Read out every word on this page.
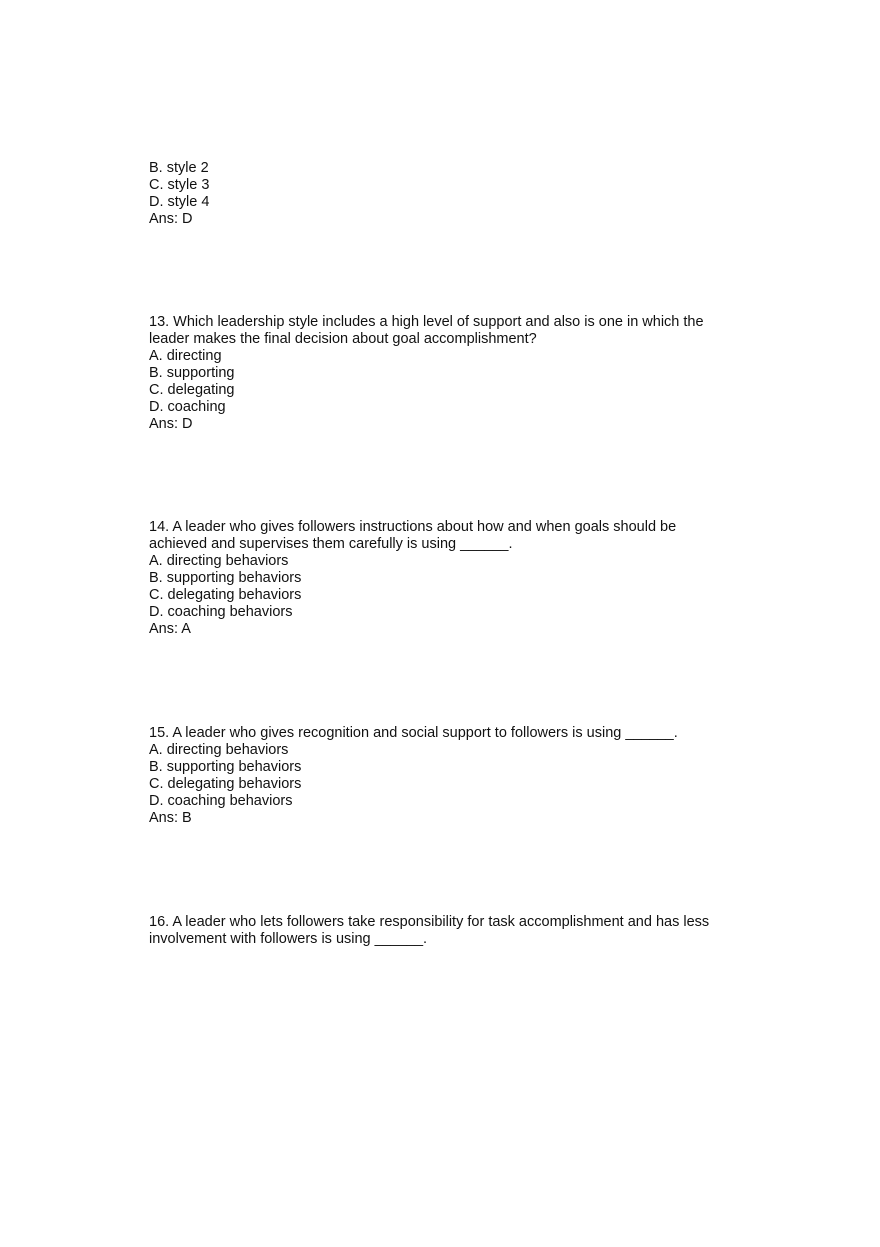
B. style 2
C. style 3
D. style 4
Ans: D
13. Which leadership style includes a high level of support and also is one in which the
leader makes the final decision about goal accomplishment?
A. directing
B. supporting
C. delegating
D. coaching
Ans: D
14. A leader who gives followers instructions about how and when goals should be
achieved and supervises them carefully is using ______.
A. directing behaviors
B. supporting behaviors
C. delegating behaviors
D. coaching behaviors
Ans: A
15. A leader who gives recognition and social support to followers is using ______.
A. directing behaviors
B. supporting behaviors
C. delegating behaviors
D. coaching behaviors
Ans: B
16. A leader who lets followers take responsibility for task accomplishment and has less
involvement with followers is using ______.
